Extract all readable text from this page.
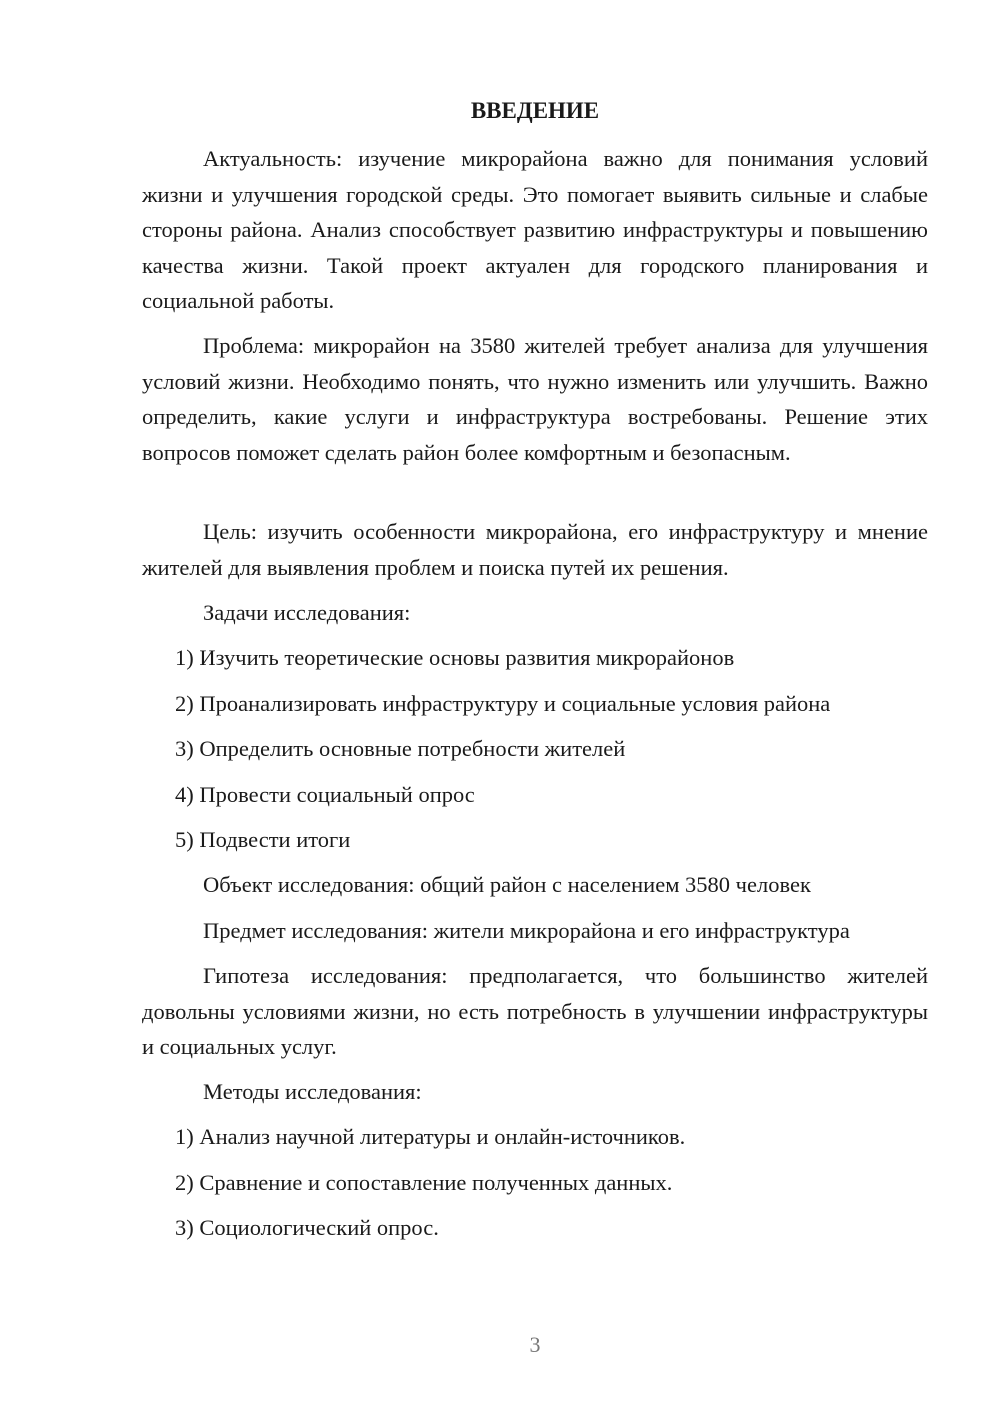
ВВЕДЕНИЕ

Актуальность: изучение микрорайона важно для понимания условий жизни и улучшения городской среды. Это помогает выявить сильные и слабые стороны района. Анализ способствует развитию инфраструктуры и повышению качества жизни. Такой проект актуален для городского планирования и социальной работы.

Проблема: микрорайон на 3580 жителей требует анализа для улучшения условий жизни. Необходимо понять, что нужно изменить или улучшить. Важно определить, какие услуги и инфраструктура востребованы. Решение этих вопросов поможет сделать район более комфортным и безопасным.

Цель: изучить особенности микрорайона, его инфраструктуру и мнение жителей для выявления проблем и поиска путей их решения.

Задачи исследования:

1) Изучить теоретические основы развития микрорайонов

2) Проанализировать инфраструктуру и социальные условия района

3) Определить основные потребности жителей

4) Провести социальный опрос

5) Подвести итоги

Объект исследования: общий район с населением 3580 человек

Предмет исследования: жители микрорайона и его инфраструктура

Гипотеза исследования: предполагается, что большинство жителей довольны условиями жизни, но есть потребность в улучшении инфраструктуры и социальных услуг.

Методы исследования:

1) Анализ научной литературы и онлайн-источников.

2) Сравнение и сопоставление полученных данных.

3) Социологический опрос.

3
